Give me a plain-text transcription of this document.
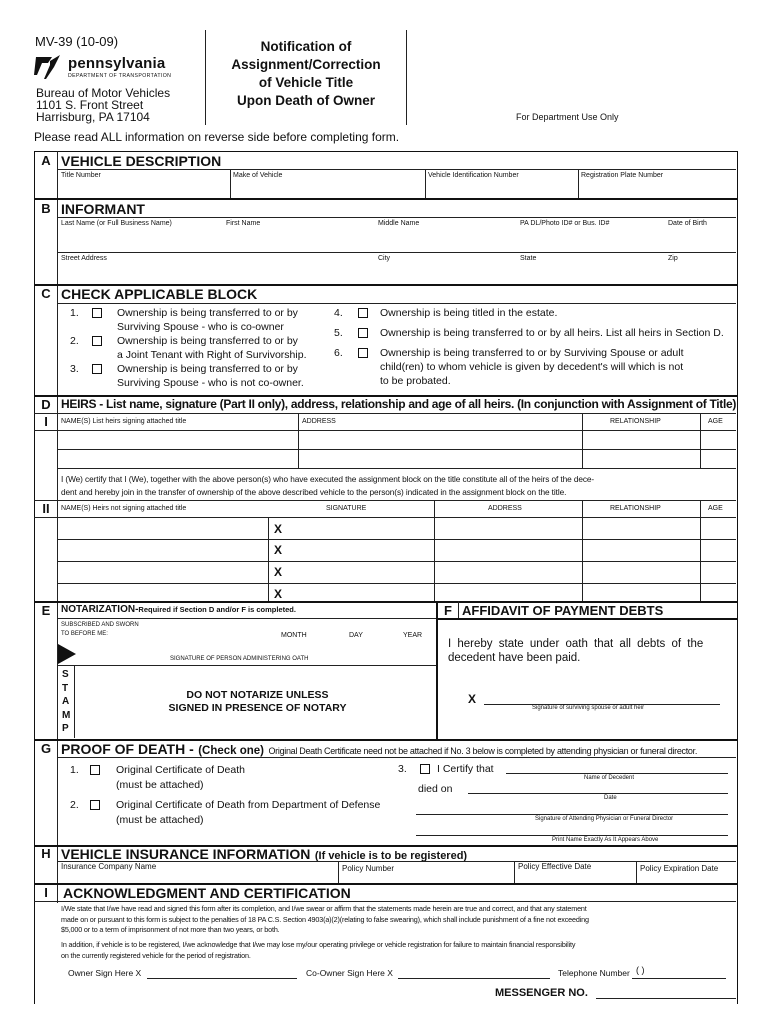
MV-39 (10-09)
pennsylvania
DEPARTMENT OF TRANSPORTATION
Bureau of Motor Vehicles
1101 S. Front Street
Harrisburg, PA 17104
Notification of
Assignment/Correction
of Vehicle Title
Upon Death of Owner
For Department Use Only
Please read ALL information on reverse side before completing form.
A VEHICLE DESCRIPTION
Title Number	Make of Vehicle	Vehicle Identification Number	Registration Plate Number
B INFORMANT
Last Name (or Full Business Name)	First Name	Middle Name	PA DL/Photo ID# or Bus. ID#	Date of Birth
Street Address	City	State	Zip
C CHECK APPLICABLE BLOCK
1.	Ownership is being transferred to or by
Surviving Spouse - who is co-owner
2.	Ownership is being transferred to or by
a Joint Tenant with Right of Survivorship.
3.	Ownership is being transferred to or by
Surviving Spouse - who is not co-owner.
4.	Ownership is being titled in the estate.
5.	Ownership is being transferred to or by all heirs. List all heirs in Section D.
6.	Ownership is being transferred to or by Surviving Spouse or adult
child(ren) to whom vehicle is given by decedent's will which is not
to be probated.
D HEIRS - List name, signature (Part II only), address, relationship and age of all heirs. (In conjunction with Assignment of Title)
I	NAME(S) List heirs signing attached title	ADDRESS	RELATIONSHIP	AGE
I (We) certify that I (We), together with the above person(s) who have executed the assignment block on the title constitute all of the heirs of the dece-
dent and hereby join in the transfer of ownership of the above described vehicle to the person(s) indicated in the assignment block on the title.
II	NAME(S) Heirs not signing attached title	SIGNATURE	ADDRESS	RELATIONSHIP	AGE
X
X
X
X
E	NOTARIZATION-Required if Section D and/or F is completed.
SUBSCRIBED AND SWORN
TO BEFORE ME:	MONTH	DAY	YEAR
SIGNATURE OF PERSON ADMINISTERING OATH
S
T
A
M
P
DO NOT NOTARIZE UNLESS
SIGNED IN PRESENCE OF NOTARY
F AFFIDAVIT OF PAYMENT DEBTS
I hereby state under oath that all debts of the
decedent have been paid.
X
Signature of surviving spouse or adult heir
G PROOF OF DEATH - (Check one) Original Death Certificate need not be attached if No. 3 below is completed by attending physician or funeral director.
1.	Original Certificate of Death
(must be attached)
2.	Original Certificate of Death from Department of Defense
(must be attached)
3.	I Certify that
Name of Decedent
died on
Date
Signature of Attending Physician or Funeral Director
Print Name Exactly As It Appears Above
H VEHICLE INSURANCE INFORMATION (If vehicle is to be registered)
Insurance Company Name	Policy Number	Policy Effective Date	Policy Expiration Date
I	ACKNOWLEDGMENT AND CERTIFICATION
I/We state that I/we have read and signed this form after its completion, and I/we swear or affirm that the statements made herein are true and correct, and that any statement
made on or pursuant to this form is subject to the penalties of 18 PA C.S. Section 4903(a)(2)(relating to false swearing), which shall include punishment of a fine not exceeding
$5,000 or to a term of imprisonment of not more than two years, or both.
In addition, if vehicle is to be registered, I/we acknowledge that I/we may lose my/our operating privilege or vehicle registration for failure to maintain financial responsibility
on the currently registered vehicle for the period of registration.
Owner Sign Here X	Co-Owner Sign Here X	Telephone Number ( )
MESSENGER NO.
